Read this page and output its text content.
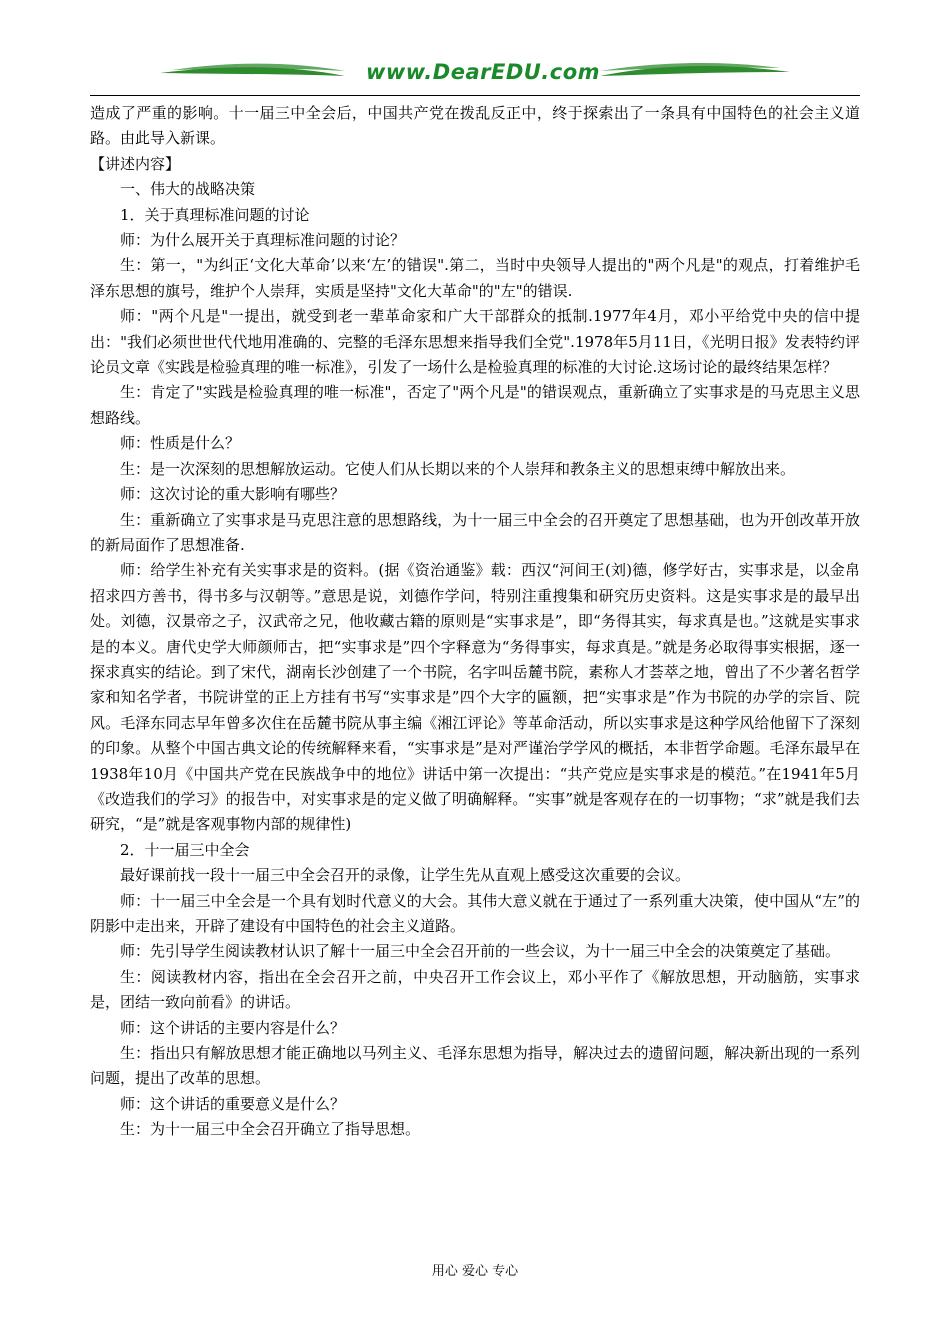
www.DearEDU.com

造成了严重的影响。十一届三中全会后，中国共产党在拨乱反正中，终于探索出了一条具有中国特色的社会主义道路。由此导入新课。

【讲述内容】

一、伟大的战略决策

1．关于真理标准问题的讨论

师：为什么展开关于真理标准问题的讨论？

生：第一，"为纠正‘文化大革命’以来‘左’的错误".第二，当时中央领导人提出的"两个凡是"的观点，打着维护毛泽东思想的旗号，维护个人崇拜，实质是坚持"文化大革命"的"左"的错误.

师："两个凡是"一提出，就受到老一辈革命家和广大干部群众的抵制.1977年4月，邓小平给党中央的信中提出："我们必须世世代代地用准确的、完整的毛泽东思想来指导我们全党".1978年5月11日，《光明日报》发表特约评论员文章《实践是检验真理的唯一标准》，引发了一场什么是检验真理的标准的大讨论.这场讨论的最终结果怎样？

生：肯定了"实践是检验真理的唯一标准"，否定了"两个凡是"的错误观点，重新确立了实事求是的马克思主义思想路线。

师：性质是什么？

生：是一次深刻的思想解放运动。它使人们从长期以来的个人崇拜和教条主义的思想束缚中解放出来。

师：这次讨论的重大影响有哪些？

生：重新确立了实事求是马克思注意的思想路线，为十一届三中全会的召开奠定了思想基础，也为开创改革开放的新局面作了思想准备.

师：给学生补充有关实事求是的资料。(据《资治通鉴》载：西汉“河间王(刘)德，修学好古，实事求是，以金帛招求四方善书，得书多与汉朝等。”意思是说，刘德作学问，特别注重搜集和研究历史资料。这是实事求是的最早出处。刘德，汉景帝之子，汉武帝之兄，他收藏古籍的原则是“实事求是”，即“务得其实，每求真是也。”这就是实事求是的本义。唐代史学大师颜师古，把“实事求是”四个字释意为“务得事实，每求真是。”就是务必取得事实根据，逐一探求真实的结论。到了宋代，湖南长沙创建了一个书院，名字叫岳麓书院，素称人才荟萃之地，曾出了不少著名哲学家和知名学者，书院讲堂的正上方挂有书写“实事求是”四个大字的匾额，把“实事求是”作为书院的办学的宗旨、院风。毛泽东同志早年曾多次住在岳麓书院从事主编《湘江评论》等革命活动，所以实事求是这种学风给他留下了深刻的印象。从整个中国古典文论的传统解释来看，“实事求是”是对严谨治学学风的概括，本非哲学命题。毛泽东最早在1938年10月《中国共产党在民族战争中的地位》讲话中第一次提出：“共产党应是实事求是的模范。”在1941年5月《改造我们的学习》的报告中，对实事求是的定义做了明确解释。“实事”就是客观存在的一切事物；“求”就是我们去研究，“是”就是客观事物内部的规律性)

2．十一届三中全会

最好课前找一段十一届三中全会召开的录像，让学生先从直观上感受这次重要的会议。

师：十一届三中全会是一个具有划时代意义的大会。其伟大意义就在于通过了一系列重大决策，使中国从“左”的阴影中走出来，开辟了建设有中国特色的社会主义道路。

师：先引导学生阅读教材认识了解十一届三中全会召开前的一些会议，为十一届三中全会的决策奠定了基础。

生：阅读教材内容，指出在全会召开之前，中央召开工作会议上，邓小平作了《解放思想，开动脑筋，实事求是，团结一致向前看》的讲话。

师：这个讲话的主要内容是什么？

生：指出只有解放思想才能正确地以马列主义、毛泽东思想为指导，解决过去的遗留问题，解决新出现的一系列问题，提出了改革的思想。

师：这个讲话的重要意义是什么？

生：为十一届三中全会召开确立了指导思想。

用心 爱心 专心
